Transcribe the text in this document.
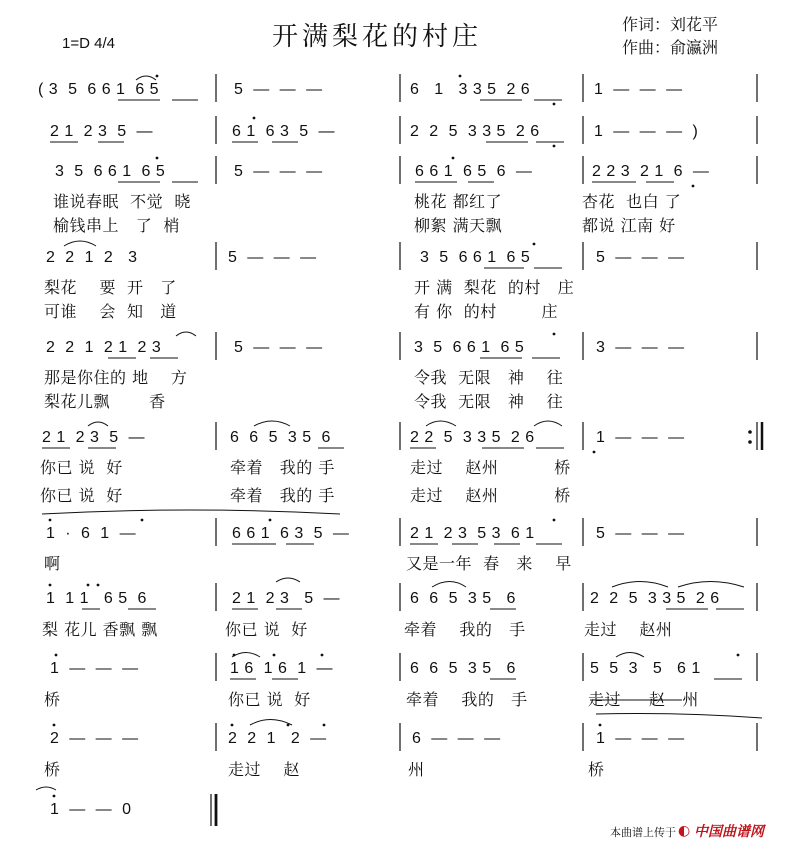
1=D 4/4	开满梨花的村庄	作词：刘花平
作曲：俞瀛洲
( 3  5  6 6 1  6 5	5  —  —  —	6   1   3 3 5  2 6	1  —  —  —
2 1  2 3  5  —	6 1  6 3  5  —	2  2  5  3 3 5  2 6	1  —  —  —  )
3  5  6 6 1  6 5	5  —  —  —	6 6 1  6 5  6  —	2 2 3  2 1  6  —
谁说春眠  不觉  晓	桃花 都红了	杏花  也白 了
榆钱串上   了  梢	柳絮 满天飘	都说 江南 好
2  2  1  2   3	5  —  —  —	3  5  6 6 1  6 5	5  —  —  —
梨花    要  开   了	开 满  梨花  的村   庄
可谁    会  知   道	有 你  的村        庄
2  2  1  2 1  2 3	5  —  —  —	3  5  6 6 1  6 5	3  —  —  —
那是你住的 地    方	令我  无限   神    往
梨花儿飘       香	令我  无限   神    往
2 1  2 3  5  —	6  6  5  3 5  6	2 2  5  3 3 5  2 6	1  —  —  —
你已 说  好	牵着   我的 手	走过    赵州          桥
你已 说  好	牵着   我的 手	走过    赵州          桥
1  ·  6  1  —	6 6 1  6 3  5  —	2 1  2 3  5 3  6 1	5  —  —  —
啊	又是一年  春   来    早
1  1 1   6 5  6	2 1  2 3   5  —	6  6  5  3 5   6	2  2  5  3 3 5  2 6
梨 花儿 香飘 飘	你已 说  好	牵着    我的   手	走过    赵州
1  —  —  —	1 6  1 6  1  —	6  6  5  3 5   6	5  5  3   5   6 1
桥	你已 说  好	牵着    我的   手	走过     赵   州
2  —  —  —	2  2  1   2  —	6  —  —  —	1  —  —  —
桥	走过    赵	州	桥
1  —  —  0
本曲谱上传于 ◐ 中国曲谱网
